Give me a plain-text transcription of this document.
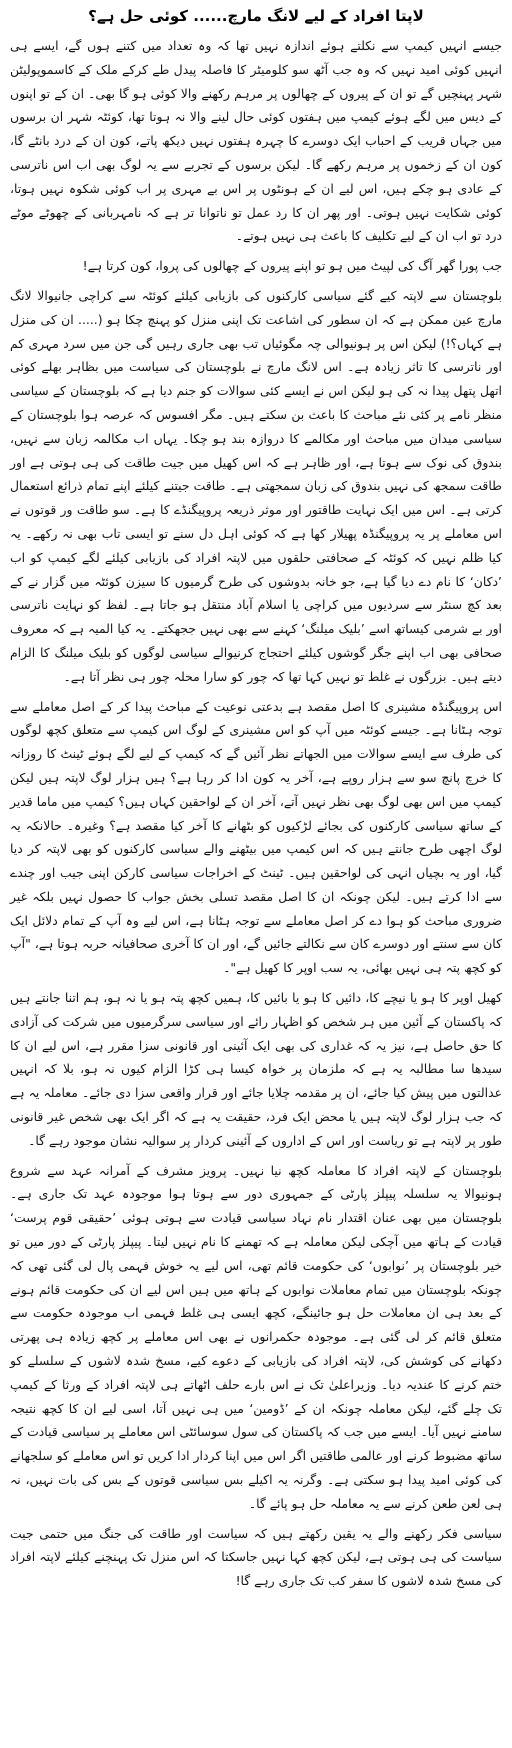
لاپتا افراد کے لیے لانگ مارچ...... کوئی حل ہے؟

جیسے انہیں کیمپ سے نکلتے ہوئے اندازہ نہیں تھا کہ وہ تعداد میں کتنے ہوں گے، ایسے ہی انہیں کوئی امید نہیں کہ وہ جب آٹھ سو کلومیٹر کا فاصلہ پیدل طے کرکے ملک کے کاسموپولیٹن شہر پہنچیں گے تو ان کے پیروں کے چھالوں پر مرہم رکھنے والا کوئی ہو گا بھی۔ ان کے تو اپنوں کے دیس میں لگے ہوئے کیمپ میں ہفتوں کوئی حال لینے والا نہ ہوتا تھا، کوئٹہ شہر ان برسوں میں جہاں قریب کے احباب ایک دوسرے کا چہرہ ہفتوں نہیں دیکھ پاتے، کون ان کے درد بانٹے گا، کون ان کے زخموں پر مرہم رکھے گا۔ لیکن برسوں کے تجربے سے یہ لوگ بھی اب اس ناترسی کے عادی ہو چکے ہیں، اس لیے ان کے ہونٹوں پر اس بے مہری پر اب کوئی شکوہ نہیں ہوتا، کوئی شکایت نہیں ہوتی۔ اور پھر ان کا رد عمل تو ناتوانا تر ہے کہ نامہربانی کے چھوٹے موٹے درد تو اب ان کے لیے تکلیف کا باعث ہی نہیں ہوتے۔

جب پورا گھر آگ کی لپیٹ میں ہو تو اپنے پیروں کے چھالوں کی پروا، کون کرتا ہے!

بلوچستان سے لاپتہ کیے گئے سیاسی کارکنوں کی بازیابی کیلئے کوئٹہ سے کراچی جانیوالا لانگ مارچ عین ممکن ہے کہ ان سطور کی اشاعت تک اپنی منزل کو پہنچ چکا ہو (..... ان کی منزل ہے کہاں؟!) لیکن اس پر ہونیوالی چہ مگوئیاں تب بھی جاری رہیں گی جن میں سرد مہری کم اور ناترسی کا تاثر زیادہ ہے۔ اس لانگ مارچ نے بلوچستان کی سیاست میں بظاہر بھلے کوئی اتھل پتھل پیدا نہ کی ہو لیکن اس نے ایسے کئی سوالات کو جنم دیا ہے کہ بلوچستان کے سیاسی منظر نامے پر کئی نئے مباحث کا باعث بن سکتے ہیں۔ مگر افسوس کہ عرصہ ہوا بلوچستان کے سیاسی میدان میں مباحث اور مکالمے کا دروازہ بند ہو چکا۔ یہاں اب مکالمہ زبان سے نہیں، بندوق کی نوک سے ہوتا ہے، اور ظاہر ہے کہ اس کھیل میں جیت طاقت کی ہی ہوتی ہے اور طاقت سمجھ کی نہیں بندوق کی زبان سمجھتی ہے۔ طاقت جیتنے کیلئے اپنے تمام ذرائع استعمال کرتی ہے۔ اس میں ایک نہایت طاقتور اور موثر ذریعہ پروپیگنڈے کا ہے۔ سو طاقت ور قوتوں نے اس معاملے پر یہ پروپیگنڈہ پھیلار کھا ہے کہ کوئی اہل دل سنے تو ایسی تاب بھی نہ رکھے۔ یہ کیا ظلم نہیں کہ کوئٹہ کے صحافتی حلقوں میں لاپتہ افراد کی بازیابی کیلئے لگے کیمپ کو اب ’دکان‘ کا نام دے دیا گیا ہے، جو خانہ بدوشوں کی طرح گرمیوں کا سیزن کوئٹہ میں گزار نے کے بعد کچ سنٹر سے سردیوں میں کراچی یا اسلام آباد منتقل ہو جاتا ہے۔ لفظ کو نہایت ناترسی اور بے شرمی کیساتھ اسے ’بلیک میلنگ‘ کہنے سے بھی نہیں ججھکتے۔ یہ کیا المیہ ہے کہ معروف صحافی بھی اب اپنے جگر گوشوں کیلئے احتجاج کرنیوالے سیاسی لوگوں کو بلیک میلنگ کا الزام دیتے ہیں۔ بزرگوں نے غلط تو نہیں کہا تھا کہ چور کو سارا محلہ چور ہی نظر آتا ہے۔

اس پروپیگنڈہ مشینری کا اصل مقصد ہے بدعتی نوعیت کے مباحث پیدا کر کے اصل معاملے سے توجہ ہٹانا ہے۔ جیسے کوئٹہ میں آپ کو اس مشینری کے لوگ اس کیمپ سے متعلق کچھ لوگوں کی طرف سے ایسے سوالات میں الجھاتے نظر آئیں گے کہ کیمپ کے لیے لگے ہوئے ٹینٹ کا روزانہ کا خرچ پانچ سو سے ہزار روپے ہے، آخر یہ کون ادا کر رہا ہے؟ ہیں ہزار لوگ لاپتہ ہیں لیکن کیمپ میں اس بھی لوگ بھی نظر نہیں آتے، آخر ان کے لواحقین کہاں ہیں؟ کیمپ میں ماما قدیر کے ساتھ سیاسی کارکنوں کی بجائے لڑکیوں کو بٹھانے کا آخر کیا مقصد ہے؟ وغیرہ۔ حالانکہ یہ لوگ اچھی طرح جانتے ہیں کہ اس کیمپ میں بیٹھنے والے سیاسی کارکنوں کو بھی لاپتہ کر دیا گیا، اور یہ بچیاں انہی کی لواحقین ہیں۔ ٹینٹ کے اخراجات سیاسی کارکن اپنی جیب اور چندے سے ادا کرتے ہیں۔ لیکن چونکہ ان کا اصل مقصد تسلی بخش جواب کا حصول نہیں بلکہ غیر ضروری مباحث کو ہوا دے کر اصل معاملے سے توجہ ہٹانا ہے، اس لیے وہ آپ کے تمام دلائل ایک کان سے سنتے اور دوسرے کان سے نکالتے جائیں گے، اور ان کا آخری صحافیانہ حربہ ہوتا ہے، "آپ کو کچھ پتہ ہی نہیں بھائی، یہ سب اوپر کا کھیل ہے"۔

کھیل اوپر کا ہو یا نیچے کا، دائیں کا ہو یا بائیں کا، ہمیں کچھ پتہ ہو یا نہ ہو، ہم اتنا جانتے ہیں کہ پاکستان کے آئین میں ہر شخص کو اظہار رائے اور سیاسی سرگرمیوں میں شرکت کی آزادی کا حق حاصل ہے، نیز یہ کہ غداری کی بھی ایک آئینی اور قانونی سزا مقرر ہے، اس لیے ان کا سیدھا سا مطالبہ یہ ہے کہ ملزمان پر خواہ کیسا ہی کڑا الزام کیوں نہ ہو، بلا کہ انہیں عدالتوں میں پیش کیا جائے، ان پر مقدمہ چلایا جائے اور قرار واقعی سزا دی جائے۔ معاملہ یہ ہے کہ جب ہزار لوگ لاپتہ ہیں یا محض ایک فرد، حقیقت یہ ہے کہ اگر ایک بھی شخص غیر قانونی طور پر لاپتہ ہے تو ریاست اور اس کے اداروں کے آئینی کردار پر سوالیہ نشان موجود رہے گا۔

بلوچستان کے لاپتہ افراد کا معاملہ کچھ نیا نہیں۔ پرویز مشرف کے آمرانہ عہد سے شروع ہونیوالا یہ سلسلہ پیپلز پارٹی کے جمہوری دور سے ہوتا ہوا موجودہ عہد تک جاری ہے۔ بلوچستان میں بھی عنان اقتدار نام نہاد سیاسی قیادت سے ہوتی ہوئی ’حقیقی قوم پرست‘ قیادت کے ہاتھ میں آچکی لیکن معاملہ ہے کہ تھمنے کا نام نہیں لیتا۔ پیپلز پارٹی کے دور میں تو خیر بلوچستان پر ’نوابوں‘ کی حکومت قائم تھی، اس لیے یہ خوش فہمی پال لی گئی تھی کہ چونکہ بلوچستان میں تمام معاملات نوابوں کے ہاتھ میں ہیں اس لیے ان کی حکومت قائم ہونے کے بعد ہی ان معاملات حل ہو جائینگے، کچھ ایسی ہی غلط فہمی اب موجودہ حکومت سے متعلق قائم کر لی گئی ہے۔ موجودہ حکمرانوں نے بھی اس معاملے پر کچھ زیادہ ہی پھرتی دکھانے کی کوشش کی، لاپتہ افراد کی بازیابی کے دعوے کیے، مسخ شدہ لاشوں کے سلسلے کو ختم کرنے کا عندیہ دیا۔ وزیراعلیٰ تک نے اس بارے حلف اٹھاتے ہی لاپتہ افراد کے ورثا کے کیمپ تک چلے گئے، لیکن معاملہ چونکہ ان کے ’ڈومین‘ میں ہی نہیں آتا، اسی لیے ان کا کچھ نتیجہ سامنے نہیں آیا۔ ایسے میں جب کہ پاکستان کی سول سوسائٹی اس معاملے پر سیاسی قیادت کے ساتھ مضبوط کرنے اور عالمی طاقتیں اگر اس میں اپنا کردار ادا کریں تو اس معاملے کو سلجھانے کی کوئی امید پیدا ہو سکتی ہے۔ وگرنہ یہ اکیلے بس سیاسی قوتوں کے بس کی بات نہیں، نہ ہی لعن طعن کرنے سے یہ معاملہ حل ہو پائے گا۔

سیاسی فکر رکھنے والے یہ یقین رکھتے ہیں کہ سیاست اور طاقت کی جنگ میں حتمی جیت سیاست کی ہی ہوتی ہے، لیکن کچھ کہا نہیں جاسکتا کہ اس منزل تک پہنچنے کیلئے لاپتہ افراد کی مسخ شدہ لاشوں کا سفر کب تک جاری رہے گا!
